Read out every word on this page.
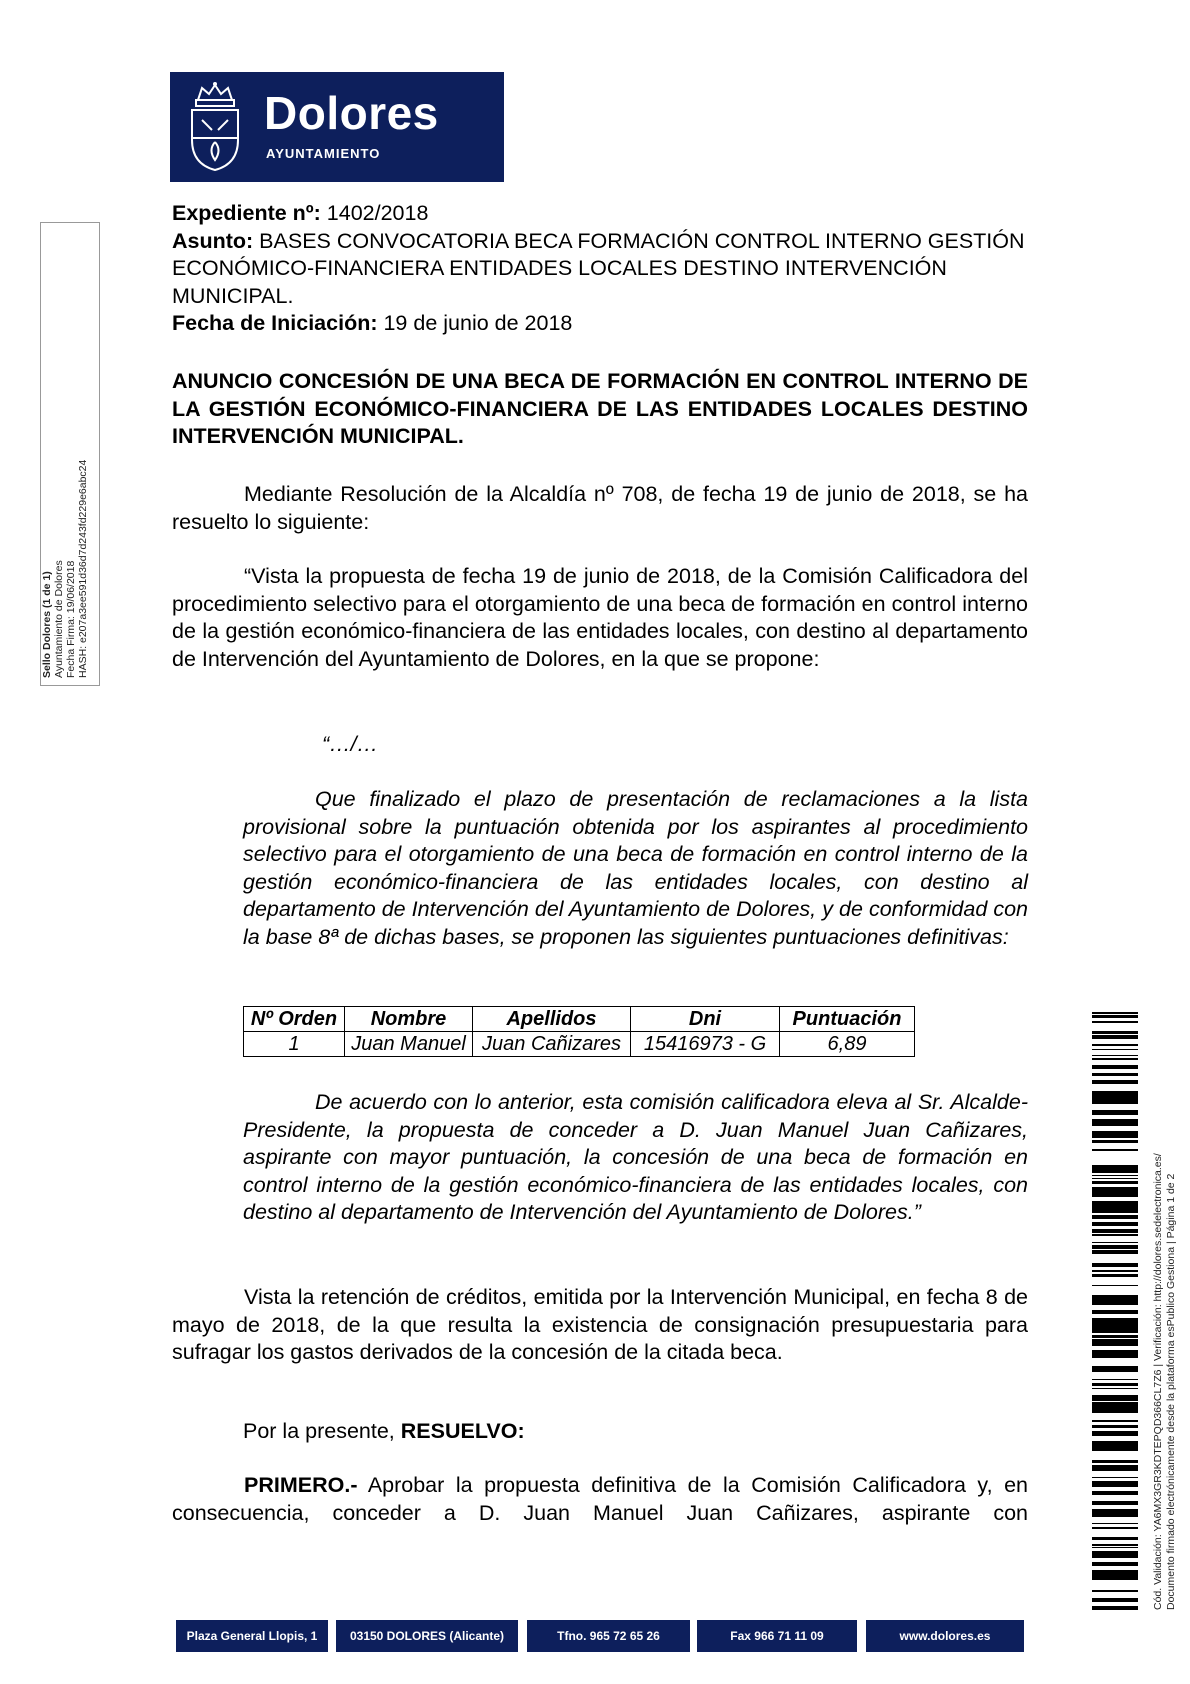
Dolores
AYUNTAMIENTO
Sello Dolores (1 de 1) Ayuntamiento de Dolores Fecha Firma: 19/06/2018 HASH: e207a3ee591d36d7d243fd229e6abc24
Expediente nº: 1402/2018
Asunto: BASES CONVOCATORIA BECA FORMACIÓN CONTROL INTERNO GESTIÓN ECONÓMICO-FINANCIERA ENTIDADES LOCALES DESTINO INTERVENCIÓN MUNICIPAL.
Fecha de Iniciación: 19 de junio de 2018
ANUNCIO CONCESIÓN DE UNA BECA DE FORMACIÓN EN CONTROL INTERNO DE LA GESTIÓN ECONÓMICO-FINANCIERA DE LAS ENTIDADES LOCALES DESTINO INTERVENCIÓN MUNICIPAL.
Mediante Resolución de la Alcaldía nº 708, de fecha 19 de junio de 2018, se ha resuelto lo siguiente:
“Vista la propuesta de fecha 19 de junio de 2018, de la Comisión Calificadora del procedimiento selectivo para el otorgamiento de una beca de formación en control interno de la gestión económico-financiera de las entidades locales, con destino al departamento de Intervención del Ayuntamiento de Dolores, en la que se propone:
“…/…
Que finalizado el plazo de presentación de reclamaciones a la lista provisional sobre la puntuación obtenida por los aspirantes al procedimiento selectivo para el otorgamiento de una beca de formación en control interno de la gestión económico-financiera de las entidades locales, con destino al departamento de Intervención del Ayuntamiento de Dolores, y de conformidad con la base 8ª de dichas bases, se proponen las siguientes puntuaciones definitivas:
Nº Orden	Nombre	Apellidos	Dni	Puntuación
1	Juan Manuel	Juan Cañizares	15416973 - G	6,89
De acuerdo con lo anterior, esta comisión calificadora eleva al Sr. Alcalde-Presidente, la propuesta de conceder a D. Juan Manuel Juan Cañizares, aspirante con mayor puntuación, la concesión de una beca de formación en control interno de la gestión económico-financiera de las entidades locales, con destino al departamento de Intervención del Ayuntamiento de Dolores.”
Vista la retención de créditos, emitida por la Intervención Municipal, en fecha 8 de mayo de 2018, de la que resulta la existencia de consignación presupuestaria para sufragar los gastos derivados de la concesión de la citada beca.
Por la presente, RESUELVO:
PRIMERO.- Aprobar la propuesta definitiva de la Comisión Calificadora y, en consecuencia, conceder a D. Juan Manuel Juan Cañizares, aspirante con
Plaza General Llopis, 1	03150 DOLORES (Alicante)	Tfno. 965 72 65 26	Fax 966 71 11 09	www.dolores.es
Cód. Validación: YA6MX3GR3KDTEPQD366CL7Z6 | Verificación: http://dolores.sedelectronica.es/ Documento firmado electrónicamente desde la plataforma esPublico Gestiona | Página 1 de 2
